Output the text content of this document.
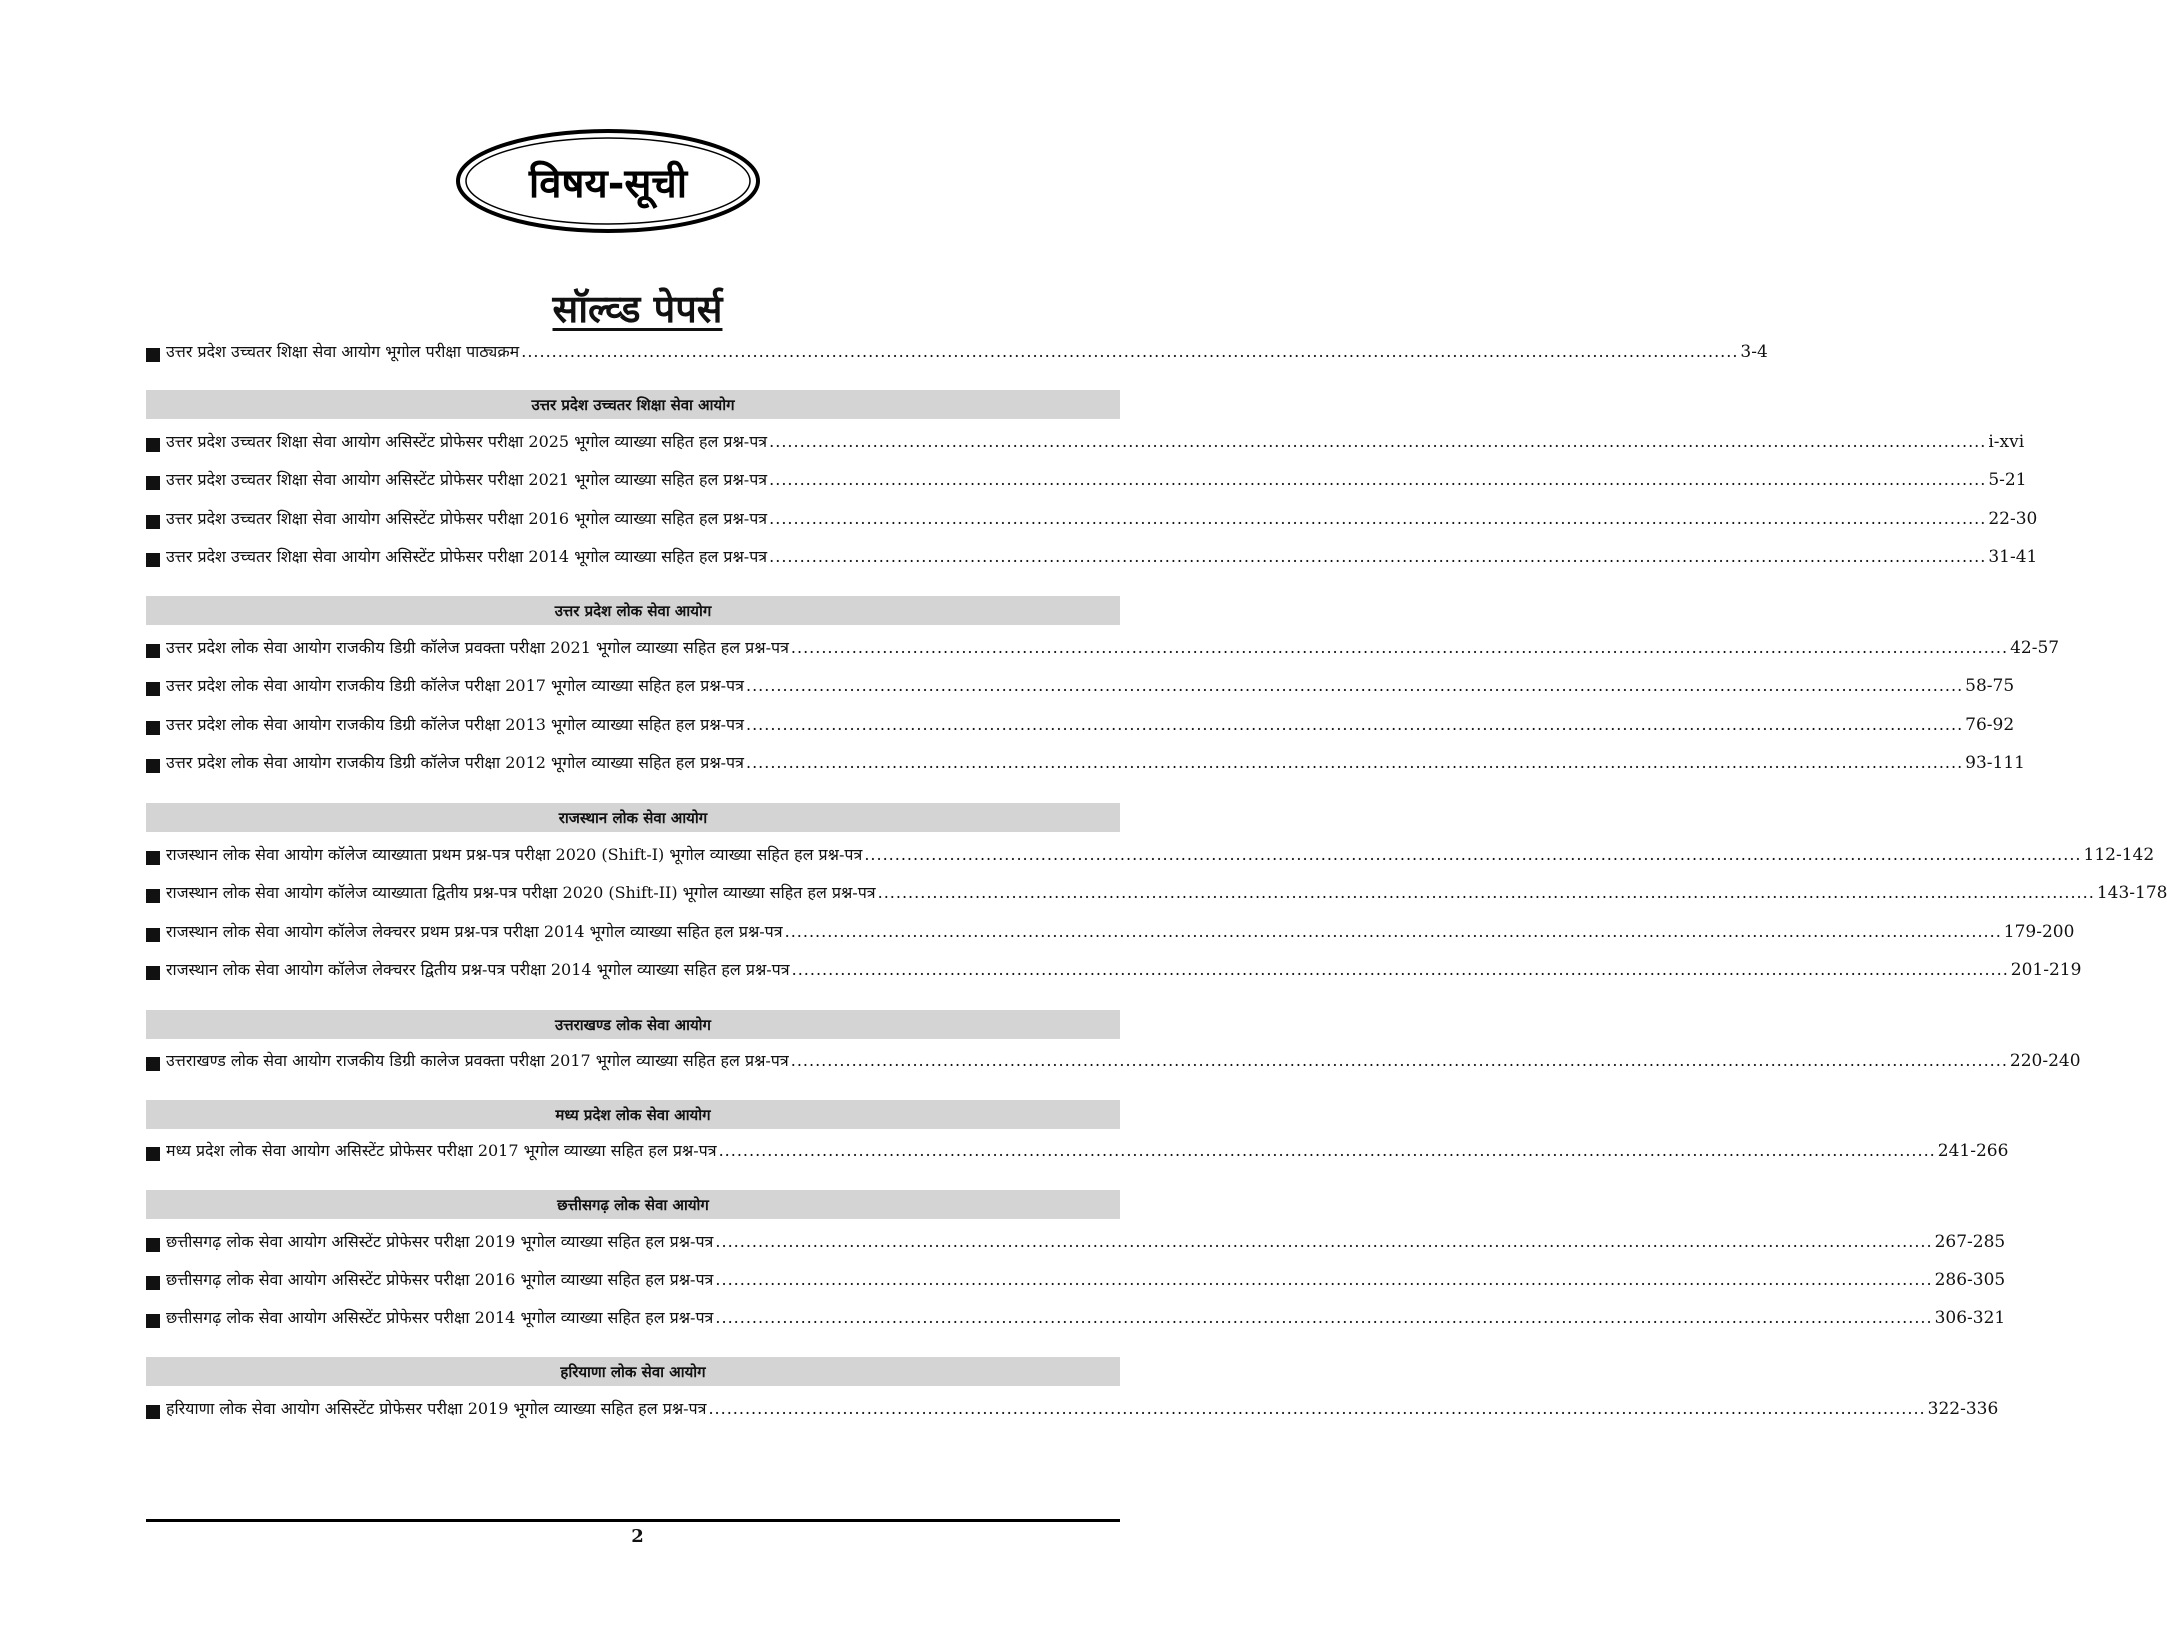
विषय-सूची
सॉल्व्ड पेपर्स
उत्तर प्रदेश उच्चतर शिक्षा सेवा आयोग भूगोल परीक्षा पाठ्यक्रम .....	3-4
उत्तर प्रदेश उच्चतर शिक्षा सेवा आयोग
उत्तर प्रदेश उच्चतर शिक्षा सेवा आयोग असिस्टेंट प्रोफेसर परीक्षा 2025 भूगोल व्याख्या सहित हल प्रश्न-पत्र .....	i-xvi
उत्तर प्रदेश उच्चतर शिक्षा सेवा आयोग असिस्टेंट प्रोफेसर परीक्षा 2021 भूगोल व्याख्या सहित हल प्रश्न-पत्र .....	5-21
उत्तर प्रदेश उच्चतर शिक्षा सेवा आयोग असिस्टेंट प्रोफेसर परीक्षा 2016 भूगोल व्याख्या सहित हल प्रश्न-पत्र .....	22-30
उत्तर प्रदेश उच्चतर शिक्षा सेवा आयोग असिस्टेंट प्रोफेसर परीक्षा 2014 भूगोल व्याख्या सहित हल प्रश्न-पत्र .....	31-41
उत्तर प्रदेश लोक सेवा आयोग
उत्तर प्रदेश लोक सेवा आयोग राजकीय डिग्री कॉलेज प्रवक्ता परीक्षा 2021 भूगोल व्याख्या सहित हल प्रश्न-पत्र .....	42-57
उत्तर प्रदेश लोक सेवा आयोग राजकीय डिग्री कॉलेज परीक्षा 2017 भूगोल व्याख्या सहित हल प्रश्न-पत्र .....	58-75
उत्तर प्रदेश लोक सेवा आयोग राजकीय डिग्री कॉलेज परीक्षा 2013 भूगोल व्याख्या सहित हल प्रश्न-पत्र .....	76-92
उत्तर प्रदेश लोक सेवा आयोग राजकीय डिग्री कॉलेज परीक्षा 2012 भूगोल व्याख्या सहित हल प्रश्न-पत्र .....	93-111
राजस्थान लोक सेवा आयोग
राजस्थान लोक सेवा आयोग कॉलेज व्याख्याता प्रथम प्रश्न-पत्र परीक्षा 2020 (Shift-I) भूगोल व्याख्या सहित हल प्रश्न-पत्र .....	112-142
राजस्थान लोक सेवा आयोग कॉलेज व्याख्याता द्वितीय प्रश्न-पत्र परीक्षा 2020 (Shift-II) भूगोल व्याख्या सहित हल प्रश्न-पत्र .....	143-178
राजस्थान लोक सेवा आयोग कॉलेज लेक्चरर प्रथम प्रश्न-पत्र परीक्षा 2014 भूगोल व्याख्या सहित हल प्रश्न-पत्र .....	179-200
राजस्थान लोक सेवा आयोग कॉलेज लेक्चरर द्वितीय प्रश्न-पत्र परीक्षा 2014 भूगोल व्याख्या सहित हल प्रश्न-पत्र .....	201-219
उत्तराखण्ड लोक सेवा आयोग
उत्तराखण्ड लोक सेवा आयोग राजकीय डिग्री कालेज प्रवक्ता परीक्षा 2017 भूगोल व्याख्या सहित हल प्रश्न-पत्र .....	220-240
मध्य प्रदेश लोक सेवा आयोग
मध्य प्रदेश लोक सेवा आयोग असिस्टेंट प्रोफेसर परीक्षा 2017 भूगोल व्याख्या सहित हल प्रश्न-पत्र .....	241-266
छत्तीसगढ़ लोक सेवा आयोग
छत्तीसगढ़ लोक सेवा आयोग असिस्टेंट प्रोफेसर परीक्षा 2019 भूगोल व्याख्या सहित हल प्रश्न-पत्र .....	267-285
छत्तीसगढ़ लोक सेवा आयोग असिस्टेंट प्रोफेसर परीक्षा 2016 भूगोल व्याख्या सहित हल प्रश्न-पत्र .....	286-305
छत्तीसगढ़ लोक सेवा आयोग असिस्टेंट प्रोफेसर परीक्षा 2014 भूगोल व्याख्या सहित हल प्रश्न-पत्र .....	306-321
हरियाणा लोक सेवा आयोग
हरियाणा लोक सेवा आयोग असिस्टेंट प्रोफेसर परीक्षा 2019 भूगोल व्याख्या सहित हल प्रश्न-पत्र .....	322-336
2
